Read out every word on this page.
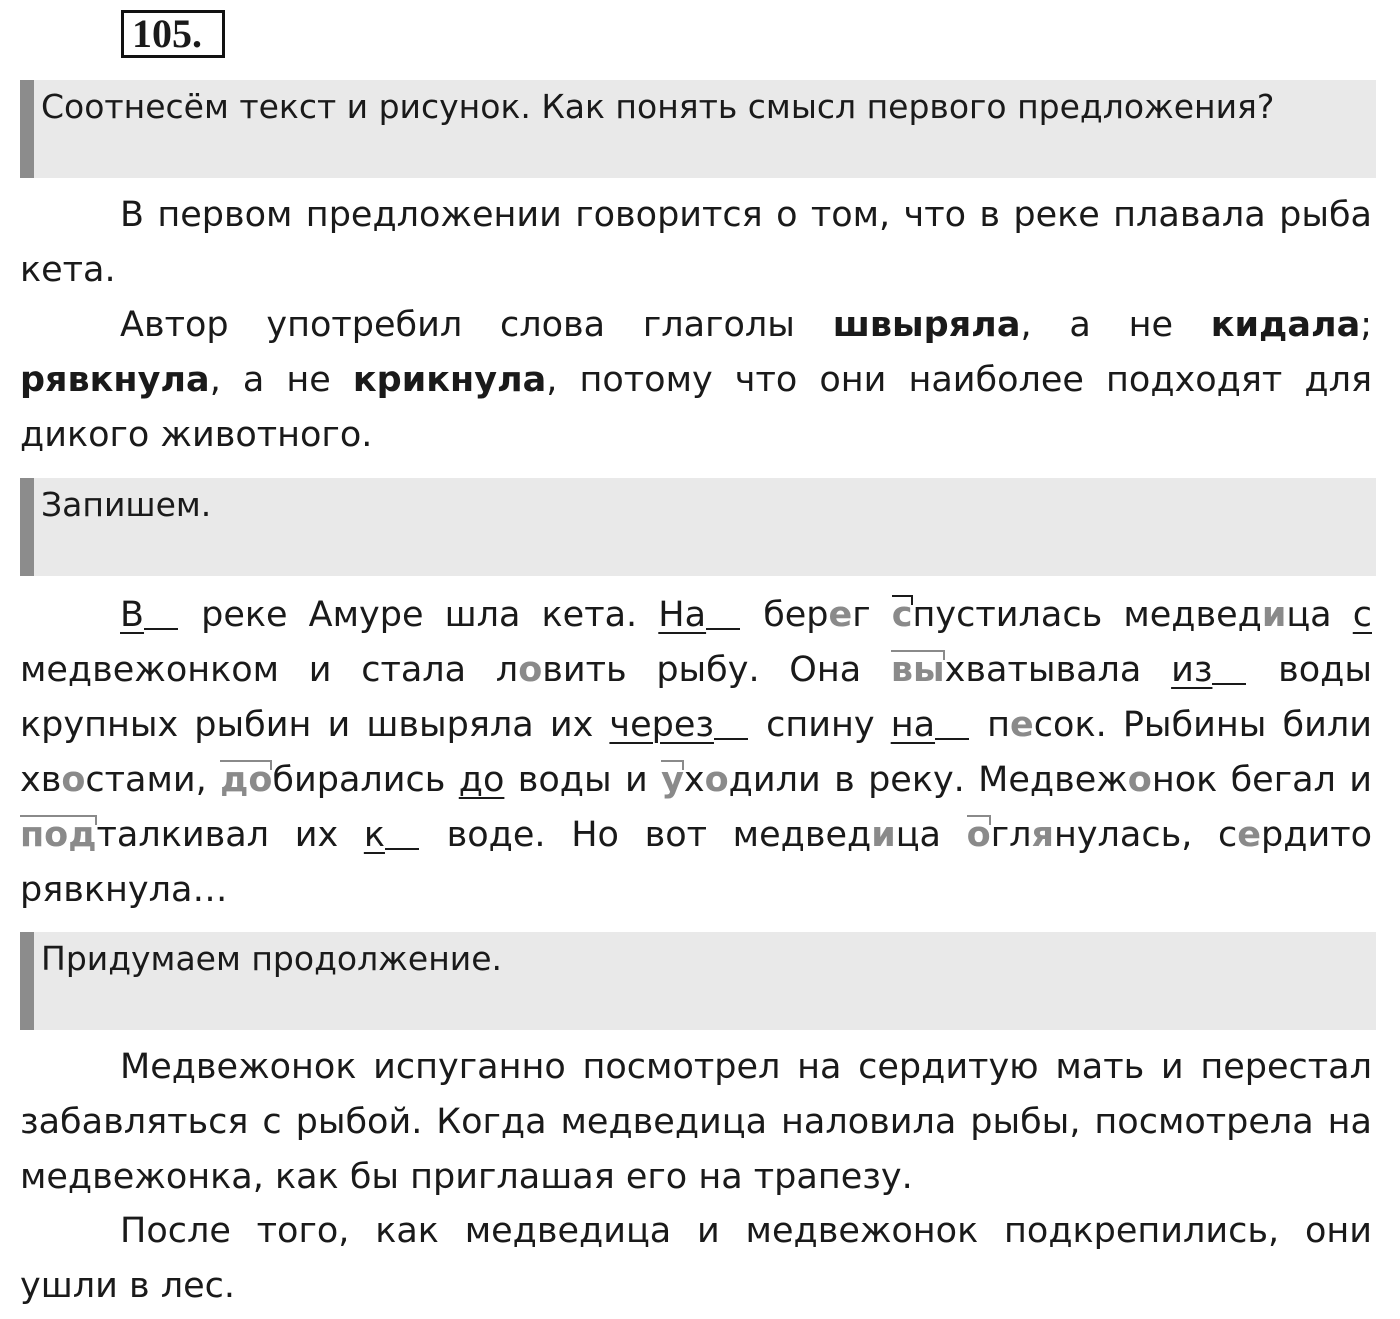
105.
Соотнесём текст и рисунок. Как понять смысл первого предложения?
В первом предложении говорится о том, что в реке плавала рыба кета.
Автор употребил слова глаголы швыряла, а не кидала; рявкнула, а не крикнула, потому что они наиболее подходят для дикого животного.
Запишем.
В реке Амуре шла кета. На берег спустилась медведица с медвежонком и стала ловить рыбу. Она выхватывала из воды крупных рыбин и швыряла их через спину на песок. Рыбины били хвостами, добирались до воды и уходили в реку. Медвежонок бегал и подталкивал их к воде. Но вот медведица оглянулась, сердито рявкнула…
Придумаем продолжение.
Медвежонок испуганно посмотрел на сердитую мать и перестал забавляться с рыбой. Когда медведица наловила рыбы, посмотрела на медвежонка, как бы приглашая его на трапезу.
После того, как медведица и медвежонок подкрепились, они ушли в лес.
